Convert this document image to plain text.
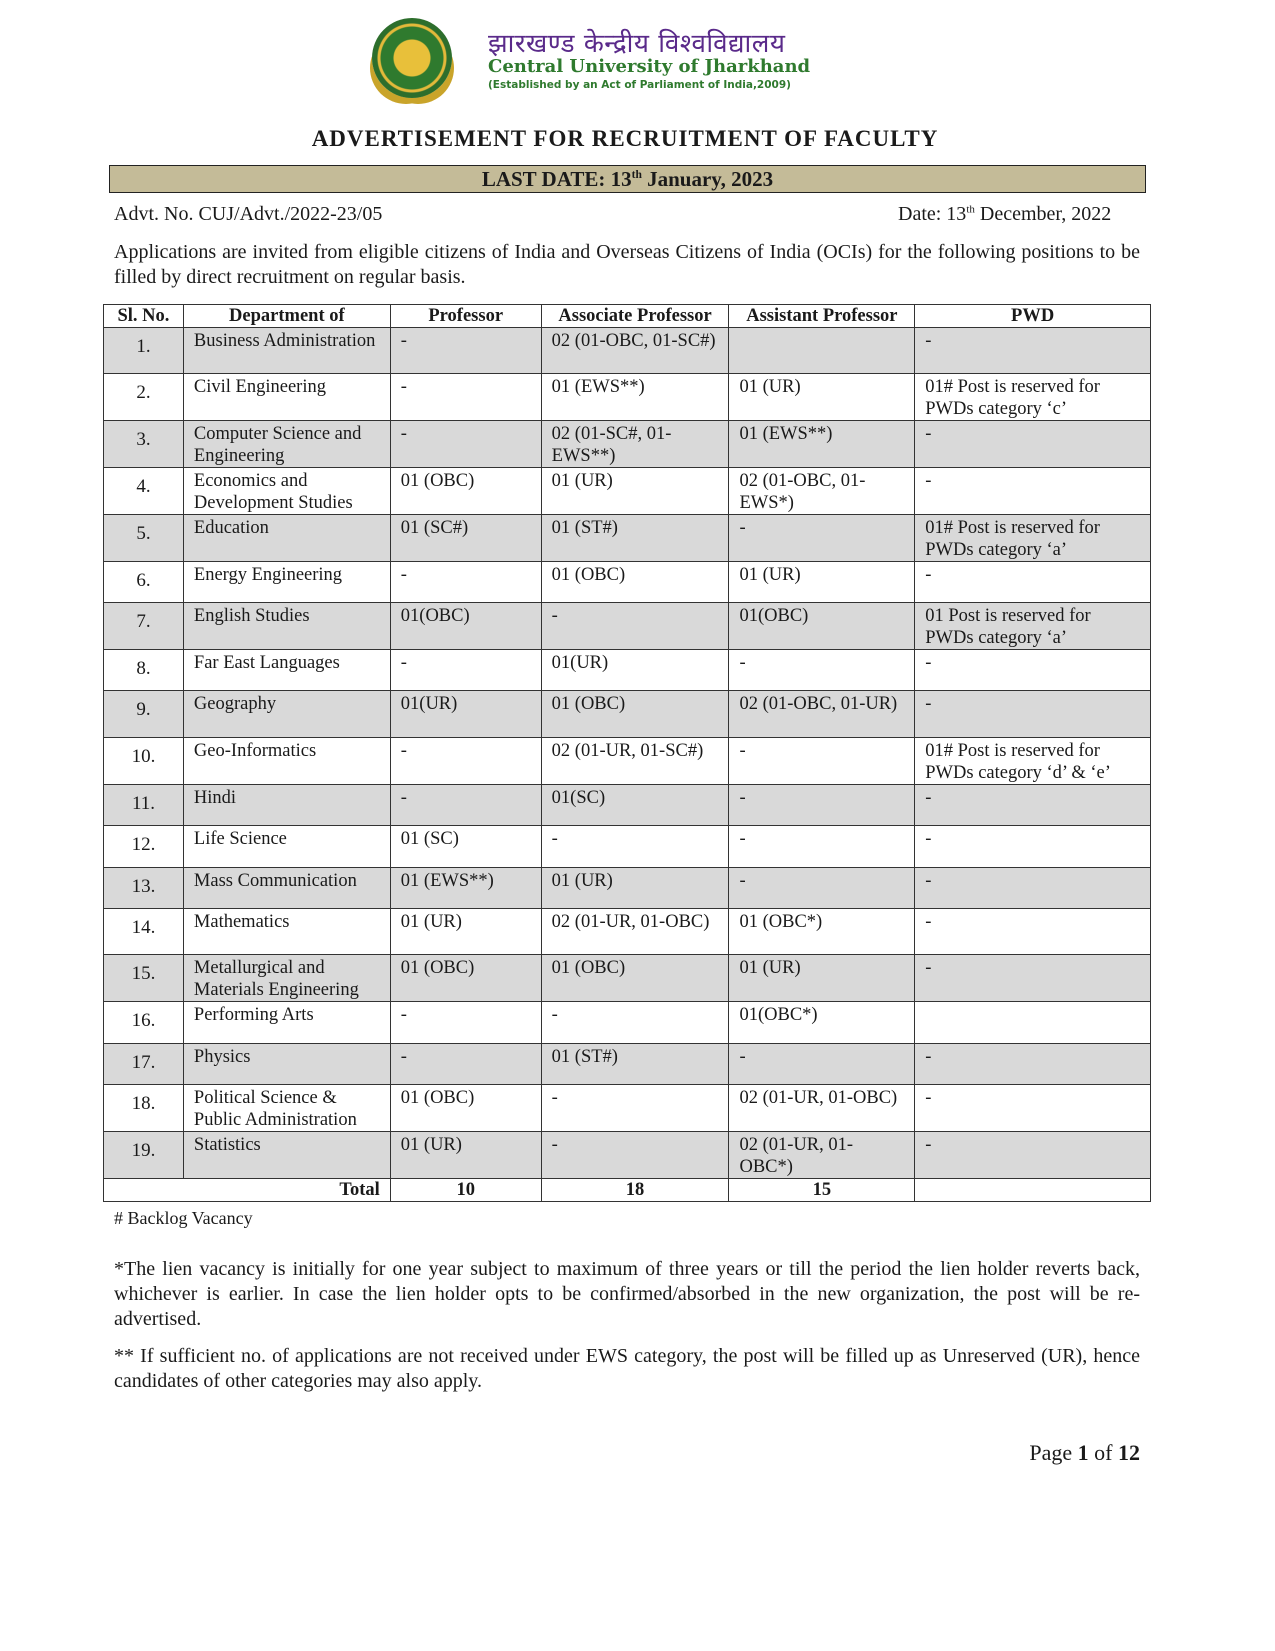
झारखण्ड केन्द्रीय विश्वविद्यालय
Central University of Jharkhand
(Established by an Act of Parliament of India,2009)
ADVERTISEMENT FOR RECRUITMENT OF FACULTY
LAST DATE: 13th January, 2023
Advt. No. CUJ/Advt./2022-23/05	Date: 13th December, 2022
Applications are invited from eligible citizens of India and Overseas Citizens of India (OCIs) for the following positions to be filled by direct recruitment on regular basis.
Sl. No.	Department of	Professor	Associate Professor	Assistant Professor	PWD
1.	Business Administration	-	02 (01-OBC, 01-SC#)		-
2.	Civil Engineering	-	01 (EWS**)	01 (UR)	01# Post is reserved for PWDs category ‘c’
3.	Computer Science and Engineering	-	02 (01-SC#, 01-EWS**)	01 (EWS**)	-
4.	Economics and Development Studies	01 (OBC)	01 (UR)	02 (01-OBC, 01-EWS*)	-
5.	Education	01 (SC#)	01 (ST#)	-	01# Post is reserved for PWDs category ‘a’
6.	Energy Engineering	-	01 (OBC)	01 (UR)	-
7.	English Studies	01(OBC)	-	01(OBC)	01 Post is reserved for PWDs category ‘a’
8.	Far East Languages	-	01(UR)	-	-
9.	Geography	01(UR)	01 (OBC)	02 (01-OBC, 01-UR)	-
10.	Geo-Informatics	-	02 (01-UR, 01-SC#)	-	01# Post is reserved for PWDs category ‘d’ & ‘e’
11.	Hindi	-	01(SC)	-	-
12.	Life Science	01 (SC)	-	-	-
13.	Mass Communication	01 (EWS**)	01 (UR)	-	-
14.	Mathematics	01 (UR)	02 (01-UR, 01-OBC)	01 (OBC*)	-
15.	Metallurgical and Materials Engineering	01 (OBC)	01 (OBC)	01 (UR)	-
16.	Performing Arts	-	-	01(OBC*)	
17.	Physics	-	01 (ST#)	-	-
18.	Political Science & Public Administration	01 (OBC)	-	02 (01-UR, 01-OBC)	-
19.	Statistics	01 (UR)	-	02 (01-UR, 01-OBC*)	-
Total		10	18	15	
# Backlog Vacancy
*The lien vacancy is initially for one year subject to maximum of three years or till the period the lien holder reverts back, whichever is earlier. In case the lien holder opts to be confirmed/absorbed in the new organization, the post will be re-advertised.
** If sufficient no. of applications are not received under EWS category, the post will be filled up as Unreserved (UR), hence candidates of other categories may also apply.
Page 1 of 12
